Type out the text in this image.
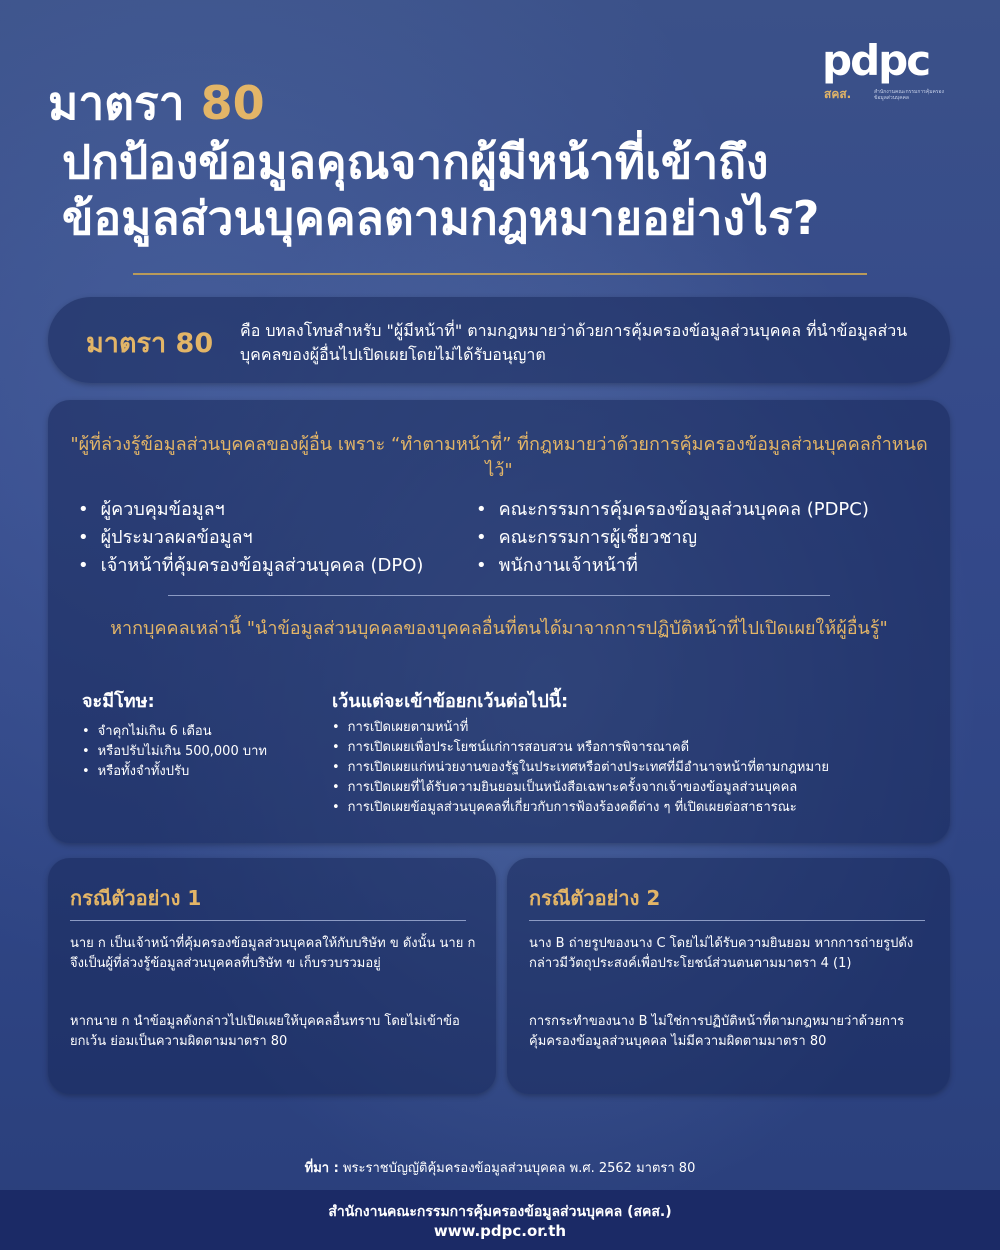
pdpc
สคส.	สำนักงานคณะกรรมการคุ้มครองข้อมูลส่วนบุคคล
มาตรา 80
ปกป้องข้อมูลคุณจากผู้มีหน้าที่เข้าถึง
ข้อมูลส่วนบุคคลตามกฎหมายอย่างไร?
มาตรา 80 คือ บทลงโทษสำหรับ "ผู้มีหน้าที่" ตามกฎหมายว่าด้วยการคุ้มครองข้อมูลส่วนบุคคล ที่นำข้อมูลส่วนบุคคลของผู้อื่นไปเปิดเผยโดยไม่ได้รับอนุญาต
"ผู้ที่ล่วงรู้ข้อมูลส่วนบุคคลของผู้อื่น เพราะ “ทำตามหน้าที่” ที่กฎหมายว่าด้วยการคุ้มครองข้อมูลส่วนบุคคลกำหนดไว้"
• ผู้ควบคุมข้อมูลฯ
• ผู้ประมวลผลข้อมูลฯ
• เจ้าหน้าที่คุ้มครองข้อมูลส่วนบุคคล (DPO)
• คณะกรรมการคุ้มครองข้อมูลส่วนบุคคล (PDPC)
• คณะกรรมการผู้เชี่ยวชาญ
• พนักงานเจ้าหน้าที่
หากบุคคลเหล่านี้ "นำข้อมูลส่วนบุคคลของบุคคลอื่นที่ตนได้มาจากการปฏิบัติหน้าที่ไปเปิดเผยให้ผู้อื่นรู้"
จะมีโทษ:
• จำคุกไม่เกิน 6 เดือน
• หรือปรับไม่เกิน 500,000 บาท
• หรือทั้งจำทั้งปรับ
เว้นแต่จะเข้าข้อยกเว้นต่อไปนี้:
• การเปิดเผยตามหน้าที่
• การเปิดเผยเพื่อประโยชน์แก่การสอบสวน หรือการพิจารณาคดี
• การเปิดเผยแก่หน่วยงานของรัฐในประเทศหรือต่างประเทศที่มีอำนาจหน้าที่ตามกฎหมาย
• การเปิดเผยที่ได้รับความยินยอมเป็นหนังสือเฉพาะครั้งจากเจ้าของข้อมูลส่วนบุคคล
• การเปิดเผยข้อมูลส่วนบุคคลที่เกี่ยวกับการฟ้องร้องคดีต่าง ๆ ที่เปิดเผยต่อสาธารณะ
กรณีตัวอย่าง 1

นาย ก เป็นเจ้าหน้าที่คุ้มครองข้อมูลส่วนบุคคลให้กับบริษัท ข ดังนั้น นาย ก จึงเป็นผู้ที่ล่วงรู้ข้อมูลส่วนบุคคลที่บริษัท ข เก็บรวบรวมอยู่

หากนาย ก นำข้อมูลดังกล่าวไปเปิดเผยให้บุคคลอื่นทราบ โดยไม่เข้าข้อยกเว้น ย่อมเป็นความผิดตามมาตรา 80

กรณีตัวอย่าง 2

นาง B ถ่ายรูปของนาง C โดยไม่ได้รับความยินยอม หากการถ่ายรูปดังกล่าวมีวัตถุประสงค์เพื่อประโยชน์ส่วนตนตามมาตรา 4 (1)

การกระทำของนาง B ไม่ใช่การปฏิบัติหน้าที่ตามกฎหมายว่าด้วยการคุ้มครองข้อมูลส่วนบุคคล ไม่มีความผิดตามมาตรา 80

ที่มา : พระราชบัญญัติคุ้มครองข้อมูลส่วนบุคคล พ.ศ. 2562 มาตรา 80
สำนักงานคณะกรรมการคุ้มครองข้อมูลส่วนบุคคล (สคส.)
www.pdpc.or.th
